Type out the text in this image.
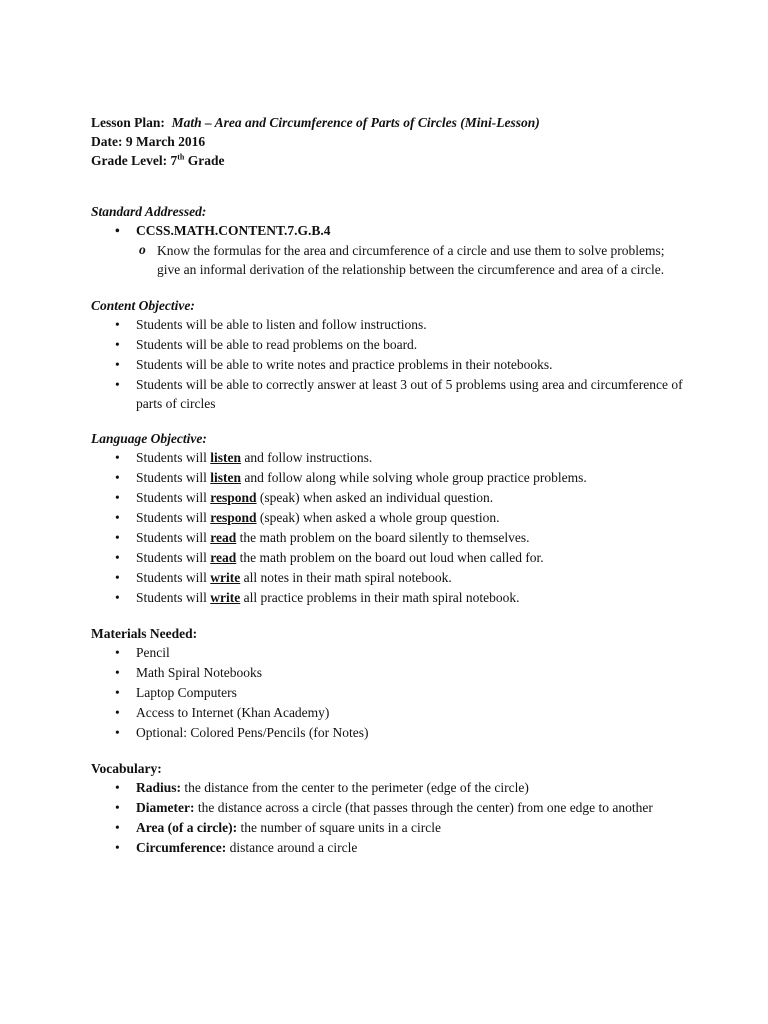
Lesson Plan: Math – Area and Circumference of Parts of Circles (Mini-Lesson)
Date: 9 March 2016
Grade Level: 7th Grade
Standard Addressed:
• CCSS.MATH.CONTENT.7.G.B.4
o Know the formulas for the area and circumference of a circle and use them to solve problems; give an informal derivation of the relationship between the circumference and area of a circle.
Content Objective:
• Students will be able to listen and follow instructions.
• Students will be able to read problems on the board.
• Students will be able to write notes and practice problems in their notebooks.
• Students will be able to correctly answer at least 3 out of 5 problems using area and circumference of parts of circles
Language Objective:
• Students will listen and follow instructions.
• Students will listen and follow along while solving whole group practice problems.
• Students will respond (speak) when asked an individual question.
• Students will respond (speak) when asked a whole group question.
• Students will read the math problem on the board silently to themselves.
• Students will read the math problem on the board out loud when called for.
• Students will write all notes in their math spiral notebook.
• Students will write all practice problems in their math spiral notebook.
Materials Needed:
• Pencil
• Math Spiral Notebooks
• Laptop Computers
• Access to Internet (Khan Academy)
• Optional: Colored Pens/Pencils (for Notes)
Vocabulary:
• Radius: the distance from the center to the perimeter (edge of the circle)
• Diameter: the distance across a circle (that passes through the center) from one edge to another
• Area (of a circle): the number of square units in a circle
• Circumference: distance around a circle
